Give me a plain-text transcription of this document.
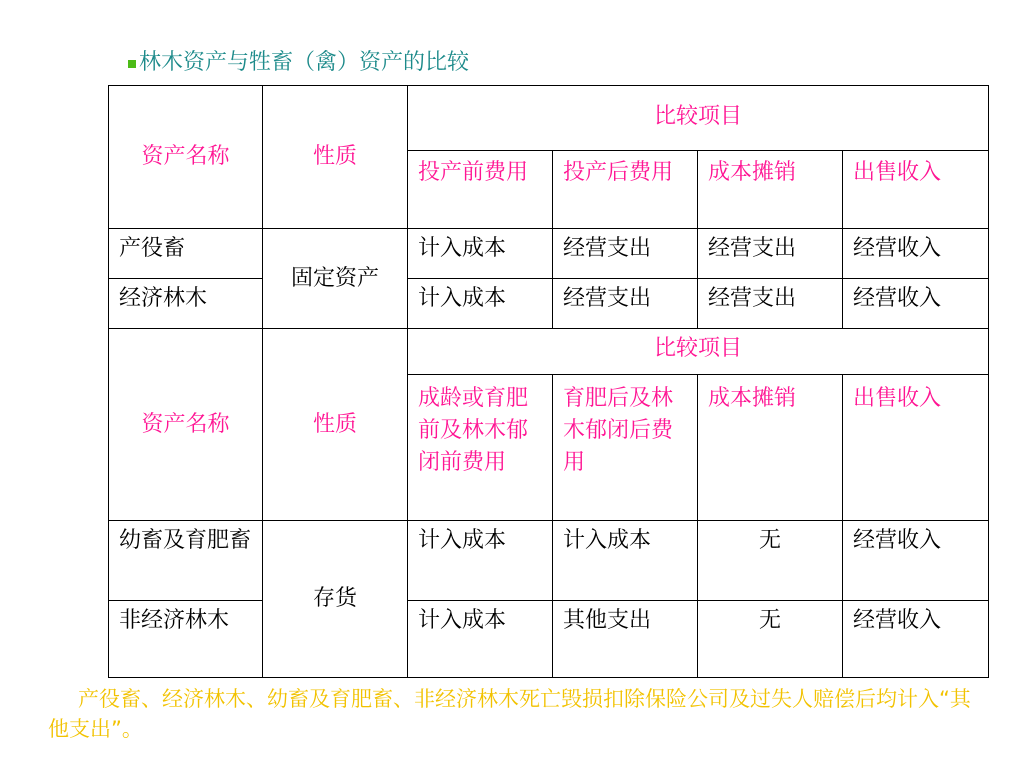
林木资产与牲畜（禽）资产的比较
资产名称	性质	比较项目			
		投产前费用	投产后费用	成本摊销	出售收入
产役畜	固定资产	计入成本	经营支出	经营支出	经营收入
经济林木		计入成本	经营支出	经营支出	经营收入
资产名称	性质	比较项目			
		成龄或育肥前及林木郁闭前费用	育肥后及林木郁闭后费用	成本摊销	出售收入
幼畜及育肥畜	存货	计入成本	计入成本	无	经营收入
非经济林木		计入成本	其他支出	无	经营收入
产役畜、经济林木、幼畜及育肥畜、非经济林木死亡毁损扣除保险公司及过失人赔偿后均计入“其他支出”。
